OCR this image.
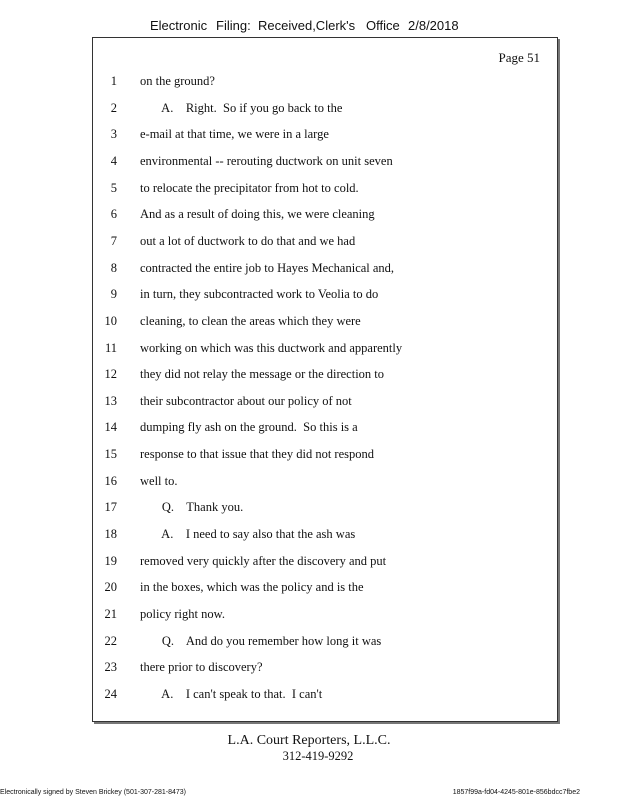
Electronic Filing: Received,Clerk's Office 2/8/2018
Page 51
1 on the ground?
2 A.    Right.  So if you go back to the
3 e-mail at that time, we were in a large
4 environmental -- rerouting ductwork on unit seven
5 to relocate the precipitator from hot to cold.
6 And as a result of doing this, we were cleaning
7 out a lot of ductwork to do that and we had
8 contracted the entire job to Hayes Mechanical and,
9 in turn, they subcontracted work to Veolia to do
10 cleaning, to clean the areas which they were
11 working on which was this ductwork and apparently
12 they did not relay the message or the direction to
13 their subcontractor about our policy of not
14 dumping fly ash on the ground.  So this is a
15 response to that issue that they did not respond
16 well to.
17 Q.    Thank you.
18 A.    I need to say also that the ash was
19 removed very quickly after the discovery and put
20 in the boxes, which was the policy and is the
21 policy right now.
22 Q.    And do you remember how long it was
23 there prior to discovery?
24 A.    I can't speak to that.  I can't
L.A. Court Reporters, L.L.C.
312-419-9292
Electronically signed by Steven Brickey (501-307-281-8473)	1857f99a-fd04-4245-801e-856bdcc7fbe2
